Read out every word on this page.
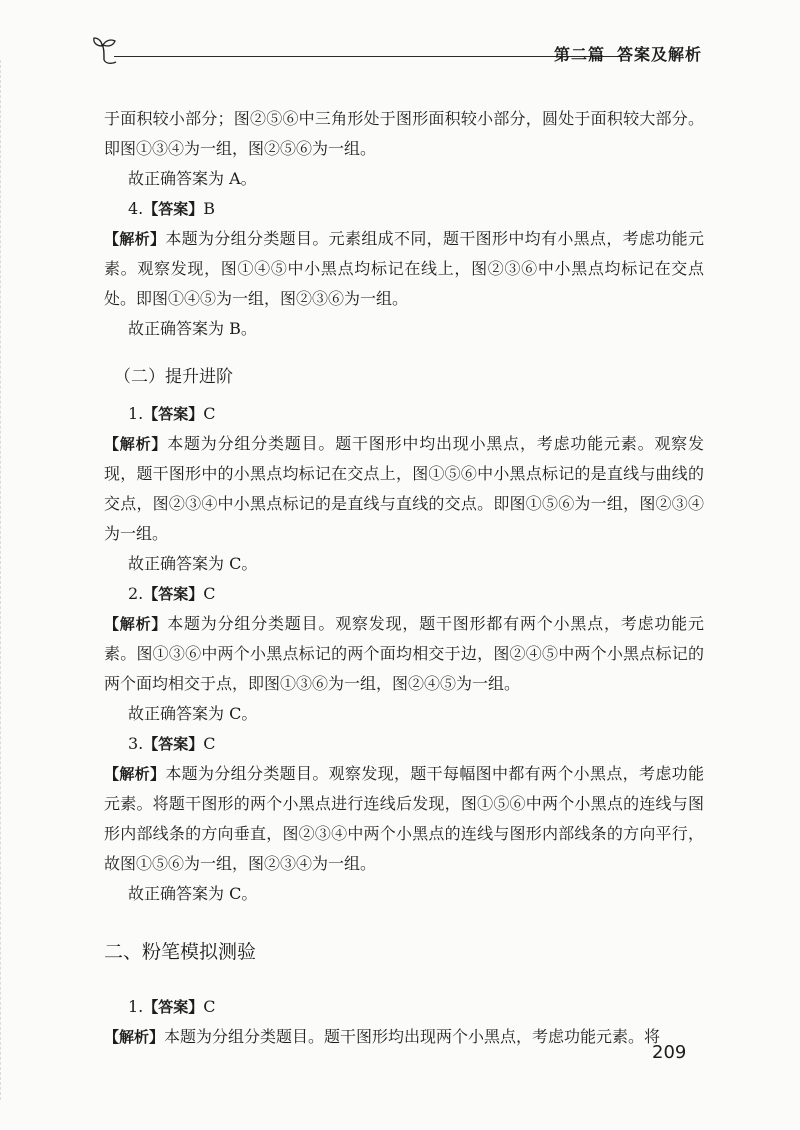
第二篇 答案及解析

于面积较小部分；图②⑤⑥中三角形处于图形面积较小部分，圆处于面积较大部分。即图①③④为一组，图②⑤⑥为一组。

故正确答案为 A。

4.【答案】B

【解析】本题为分组分类题目。元素组成不同，题干图形中均有小黑点，考虑功能元素。观察发现，图①④⑤中小黑点均标记在线上，图②③⑥中小黑点均标记在交点处。即图①④⑤为一组，图②③⑥为一组。

故正确答案为 B。

（二）提升进阶

1.【答案】C

【解析】本题为分组分类题目。题干图形中均出现小黑点，考虑功能元素。观察发现，题干图形中的小黑点均标记在交点上，图①⑤⑥中小黑点标记的是直线与曲线的交点，图②③④中小黑点标记的是直线与直线的交点。即图①⑤⑥为一组，图②③④为一组。

故正确答案为 C。

2.【答案】C

【解析】本题为分组分类题目。观察发现，题干图形都有两个小黑点，考虑功能元素。图①③⑥中两个小黑点标记的两个面均相交于边，图②④⑤中两个小黑点标记的两个面均相交于点，即图①③⑥为一组，图②④⑤为一组。

故正确答案为 C。

3.【答案】C

【解析】本题为分组分类题目。观察发现，题干每幅图中都有两个小黑点，考虑功能元素。将题干图形的两个小黑点进行连线后发现，图①⑤⑥中两个小黑点的连线与图形内部线条的方向垂直，图②③④中两个小黑点的连线与图形内部线条的方向平行，故图①⑤⑥为一组，图②③④为一组。

故正确答案为 C。

二、粉笔模拟测验

1.【答案】C

【解析】本题为分组分类题目。题干图形均出现两个小黑点，考虑功能元素。将

209
